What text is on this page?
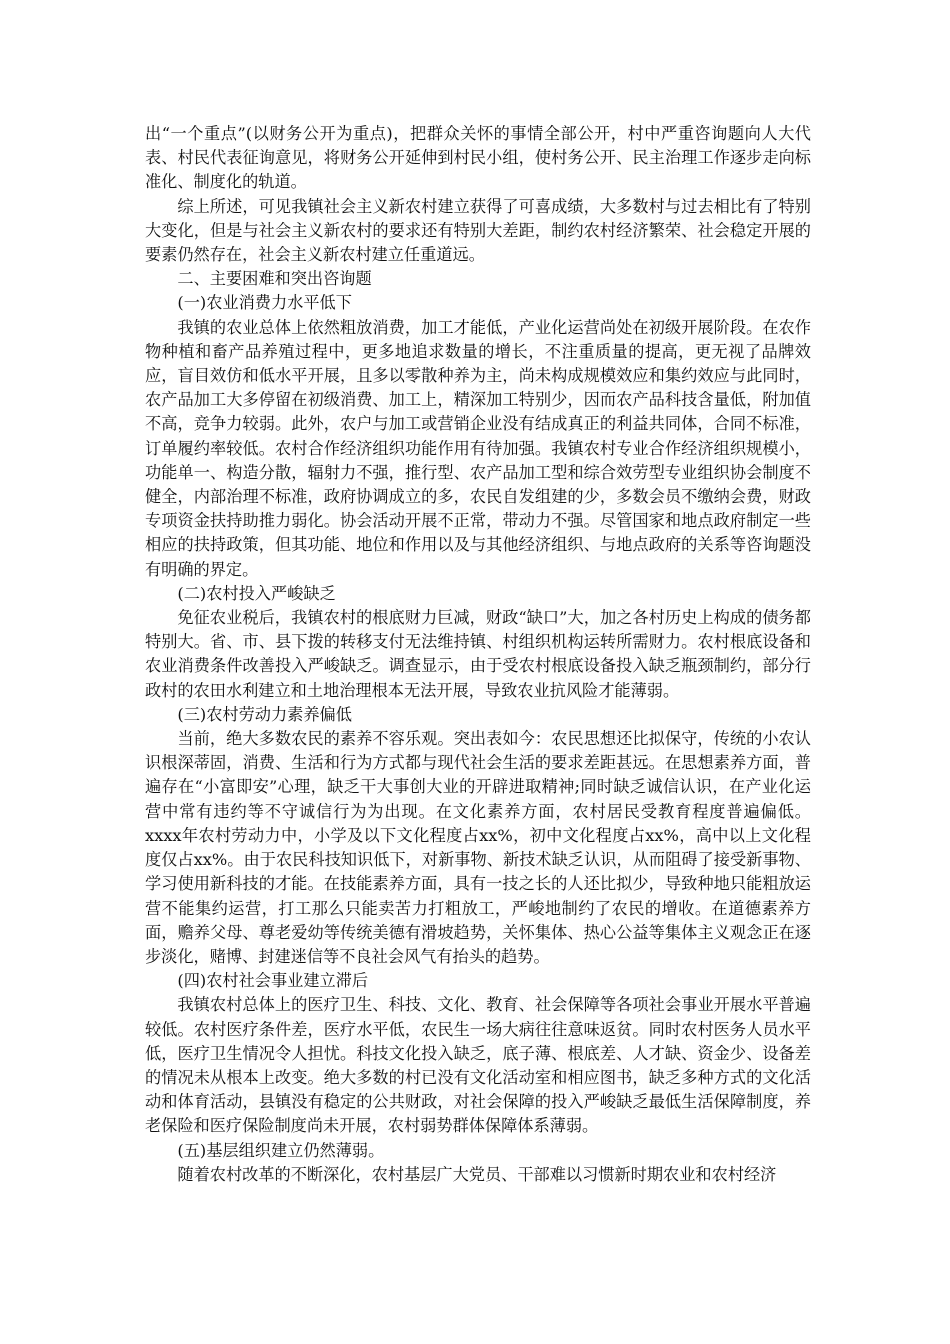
出“一个重点”(以财务公开为重点)，把群众关怀的事情全部公开，村中严重咨询题向人大代表、村民代表征询意见，将财务公开延伸到村民小组，使村务公开、民主治理工作逐步走向标准化、制度化的轨道。

综上所述，可见我镇社会主义新农村建立获得了可喜成绩，大多数村与过去相比有了特别大变化，但是与社会主义新农村的要求还有特别大差距，制约农村经济繁荣、社会稳定开展的要素仍然存在，社会主义新农村建立任重道远。

二、主要困难和突出咨询题

(一)农业消费力水平低下

我镇的农业总体上依然粗放消费，加工才能低，产业化运营尚处在初级开展阶段。在农作物种植和畜产品养殖过程中，更多地追求数量的增长，不注重质量的提高，更无视了品牌效应，盲目效仿和低水平开展，且多以零散种养为主，尚未构成规模效应和集约效应与此同时，农产品加工大多停留在初级消费、加工上，精深加工特别少，因而农产品科技含量低，附加值不高，竞争力较弱。此外，农户与加工或营销企业没有结成真正的利益共同体，合同不标准，订单履约率较低。农村合作经济组织功能作用有待加强。我镇农村专业合作经济组织规模小，功能单一、构造分散，辐射力不强，推行型、农产品加工型和综合效劳型专业组织协会制度不健全，内部治理不标准，政府协调成立的多，农民自发组建的少，多数会员不缴纳会费，财政专项资金扶持助推力弱化。协会活动开展不正常，带动力不强。尽管国家和地点政府制定一些相应的扶持政策，但其功能、地位和作用以及与其他经济组织、与地点政府的关系等咨询题没有明确的界定。

(二)农村投入严峻缺乏

免征农业税后，我镇农村的根底财力巨减，财政“缺口”大，加之各村历史上构成的债务都特别大。省、市、县下拨的转移支付无法维持镇、村组织机构运转所需财力。农村根底设备和农业消费条件改善投入严峻缺乏。调查显示，由于受农村根底设备投入缺乏瓶颈制约，部分行政村的农田水利建立和土地治理根本无法开展，导致农业抗风险才能薄弱。

(三)农村劳动力素养偏低

当前，绝大多数农民的素养不容乐观。突出表如今：农民思想还比拟保守，传统的小农认识根深蒂固，消费、生活和行为方式都与现代社会生活的要求差距甚远。在思想素养方面，普遍存在“小富即安”心理，缺乏干大事创大业的开辟进取精神;同时缺乏诚信认识，在产业化运营中常有违约等不守诚信行为为出现。在文化素养方面，农村居民受教育程度普遍偏低。xxxx年农村劳动力中，小学及以下文化程度占xx%，初中文化程度占xx%，高中以上文化程度仅占xx%。由于农民科技知识低下，对新事物、新技术缺乏认识，从而阻碍了接受新事物、学习使用新科技的才能。在技能素养方面，具有一技之长的人还比拟少，导致种地只能粗放运营不能集约运营，打工那么只能卖苦力打粗放工，严峻地制约了农民的增收。在道德素养方面，赡养父母、尊老爱幼等传统美德有滑坡趋势，关怀集体、热心公益等集体主义观念正在逐步淡化，赌博、封建迷信等不良社会风气有抬头的趋势。

(四)农村社会事业建立滞后

我镇农村总体上的医疗卫生、科技、文化、教育、社会保障等各项社会事业开展水平普遍较低。农村医疗条件差，医疗水平低，农民生一场大病往往意味返贫。同时农村医务人员水平低，医疗卫生情况令人担忧。科技文化投入缺乏，底子薄、根底差、人才缺、资金少、设备差的情况未从根本上改变。绝大多数的村已没有文化活动室和相应图书，缺乏多种方式的文化活动和体育活动，县镇没有稳定的公共财政，对社会保障的投入严峻缺乏最低生活保障制度，养老保险和医疗保险制度尚未开展，农村弱势群体保障体系薄弱。

(五)基层组织建立仍然薄弱。

随着农村改革的不断深化，农村基层广大党员、干部难以习惯新时期农业和农村经济
